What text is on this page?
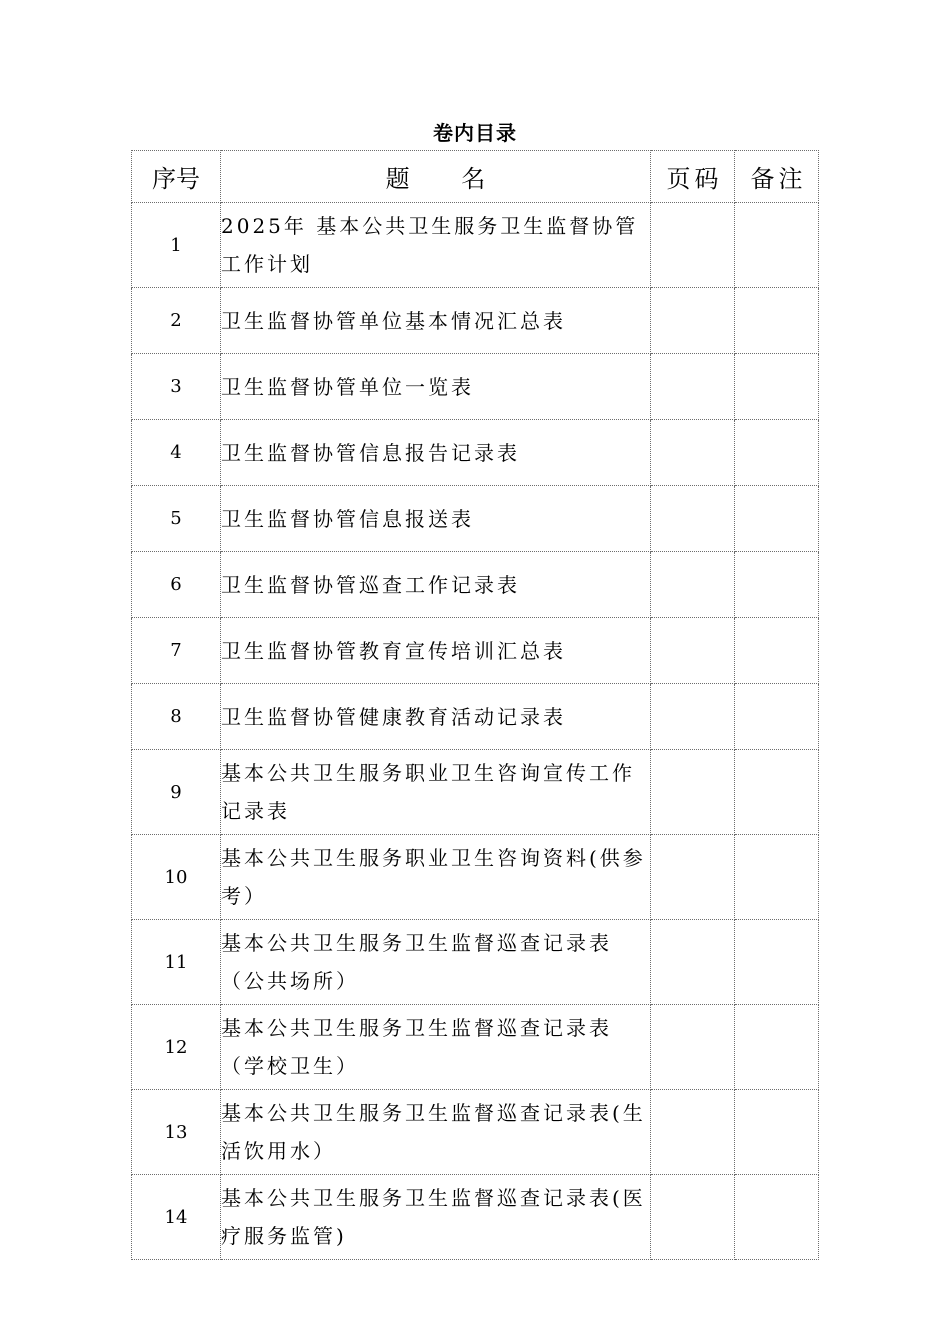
卷内目录
序号	题 名	页码	备注
1	2025年 基本公共卫生服务卫生监督协管工作计划		
2	卫生监督协管单位基本情况汇总表		
3	卫生监督协管单位一览表		
4	卫生监督协管信息报告记录表		
5	卫生监督协管信息报送表		
6	卫生监督协管巡查工作记录表		
7	卫生监督协管教育宣传培训汇总表		
8	卫生监督协管健康教育活动记录表		
9	基本公共卫生服务职业卫生咨询宣传工作记录表		
10	基本公共卫生服务职业卫生咨询资料(供参考）		
11	基本公共卫生服务卫生监督巡查记录表（公共场所）		
12	基本公共卫生服务卫生监督巡查记录表（学校卫生）		
13	基本公共卫生服务卫生监督巡查记录表(生活饮用水）		
14	基本公共卫生服务卫生监督巡查记录表(医疗服务监管)		
